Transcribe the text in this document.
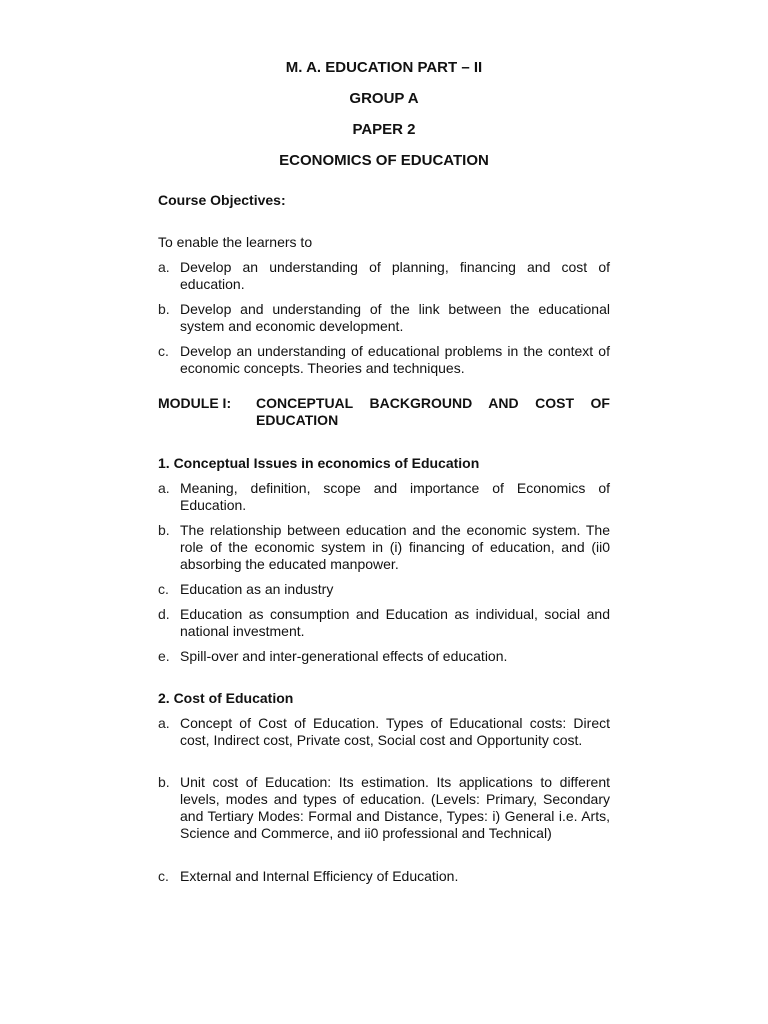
M. A. EDUCATION PART – II
GROUP A
PAPER 2
ECONOMICS OF EDUCATION
Course Objectives:
To enable the learners to
a. Develop an understanding of planning, financing and cost of education.
b. Develop and understanding of the link between the educational system and economic development.
c. Develop an understanding of educational problems in the context of economic concepts. Theories and techniques.
MODULE I:	CONCEPTUAL BACKGROUND AND COST OF EDUCATION
1. Conceptual Issues in economics of Education
a. Meaning, definition, scope and importance of Economics of Education.
b. The relationship between education and the economic system. The role of the economic system in (i) financing of education, and (ii0 absorbing the educated manpower.
c. Education as an industry
d. Education as consumption and Education as individual, social and national investment.
e. Spill-over and inter-generational effects of education.
2. Cost of Education
a. Concept of Cost of Education. Types of Educational costs: Direct cost, Indirect cost, Private cost, Social cost and Opportunity cost.
b. Unit cost of Education: Its estimation. Its applications to different levels, modes and types of education. (Levels: Primary, Secondary and Tertiary Modes: Formal and Distance, Types: i) General i.e. Arts, Science and Commerce, and ii0 professional and Technical)
c. External and Internal Efficiency of Education.
